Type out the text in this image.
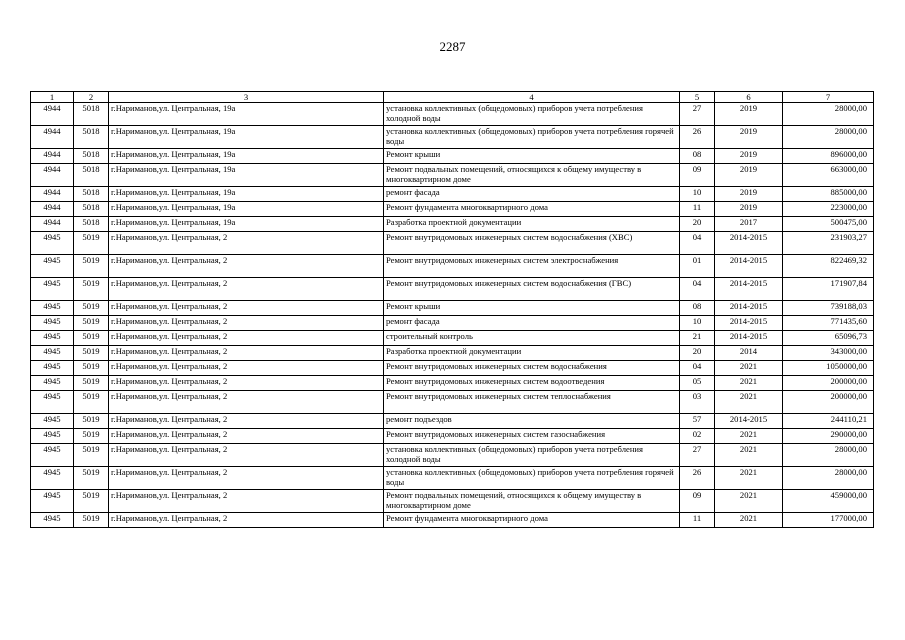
2287
1	2	3	4	5	6	7
4944	5018	г.Нариманов,ул. Центральная, 19а	установка коллективных (общедомовых) приборов учета потребления холодной воды	27	2019	28000,00
4944	5018	г.Нариманов,ул. Центральная, 19а	установка коллективных (общедомовых) приборов учета потребления горячей воды	26	2019	28000,00
4944	5018	г.Нариманов,ул. Центральная, 19а	Ремонт крыши	08	2019	896000,00
4944	5018	г.Нариманов,ул. Центральная, 19а	Ремонт подвальных помещений, относящихся к общему имуществу в многоквартирном доме	09	2019	663000,00
4944	5018	г.Нариманов,ул. Центральная, 19а	ремонт фасада	10	2019	885000,00
4944	5018	г.Нариманов,ул. Центральная, 19а	Ремонт фундамента многоквартирного дома	11	2019	223000,00
4944	5018	г.Нариманов,ул. Центральная, 19а	Разработка проектной документации	20	2017	500475,00
4945	5019	г.Нариманов,ул. Центральная, 2	Ремонт внутридомовых инженерных систем водоснабжения (ХВС)	04	2014-2015	231903,27
4945	5019	г.Нариманов,ул. Центральная, 2	Ремонт внутридомовых инженерных систем электроснабжения	01	2014-2015	822469,32
4945	5019	г.Нариманов,ул. Центральная, 2	Ремонт внутридомовых инженерных систем водоснабжения (ГВС)	04	2014-2015	171907,84
4945	5019	г.Нариманов,ул. Центральная, 2	Ремонт крыши	08	2014-2015	739188,03
4945	5019	г.Нариманов,ул. Центральная, 2	ремонт фасада	10	2014-2015	771435,60
4945	5019	г.Нариманов,ул. Центральная, 2	строительный контроль	21	2014-2015	65096,73
4945	5019	г.Нариманов,ул. Центральная, 2	Разработка проектной документации	20	2014	343000,00
4945	5019	г.Нариманов,ул. Центральная, 2	Ремонт внутридомовых инженерных систем водоснабжения	04	2021	1050000,00
4945	5019	г.Нариманов,ул. Центральная, 2	Ремонт внутридомовых инженерных систем водоотведения	05	2021	200000,00
4945	5019	г.Нариманов,ул. Центральная, 2	Ремонт внутридомовых инженерных систем теплоснабжения	03	2021	200000,00
4945	5019	г.Нариманов,ул. Центральная, 2	ремонт подъездов	57	2014-2015	244110,21
4945	5019	г.Нариманов,ул. Центральная, 2	Ремонт внутридомовых инженерных систем газоснабжения	02	2021	290000,00
4945	5019	г.Нариманов,ул. Центральная, 2	установка коллективных (общедомовых) приборов учета потребления холодной воды	27	2021	28000,00
4945	5019	г.Нариманов,ул. Центральная, 2	установка коллективных (общедомовых) приборов учета потребления горячей воды	26	2021	28000,00
4945	5019	г.Нариманов,ул. Центральная, 2	Ремонт подвальных помещений, относящихся к общему имуществу в многоквартирном доме	09	2021	459000,00
4945	5019	г.Нариманов,ул. Центральная, 2	Ремонт фундамента многоквартирного дома	11	2021	177000,00
